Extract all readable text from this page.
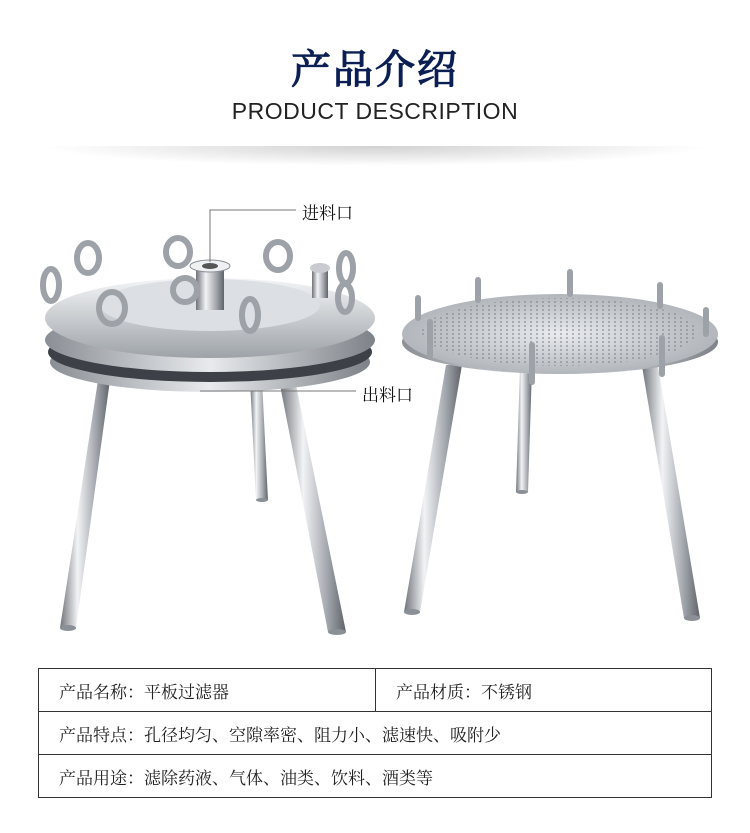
产品介绍
PRODUCT DESCRIPTION
进料口
出料口
产品名称：平板过滤器	产品材质：不锈钢
产品特点：孔径均匀、空隙率密、阻力小、滤速快、吸附少
产品用途：滤除药液、气体、油类、饮料、酒类等
